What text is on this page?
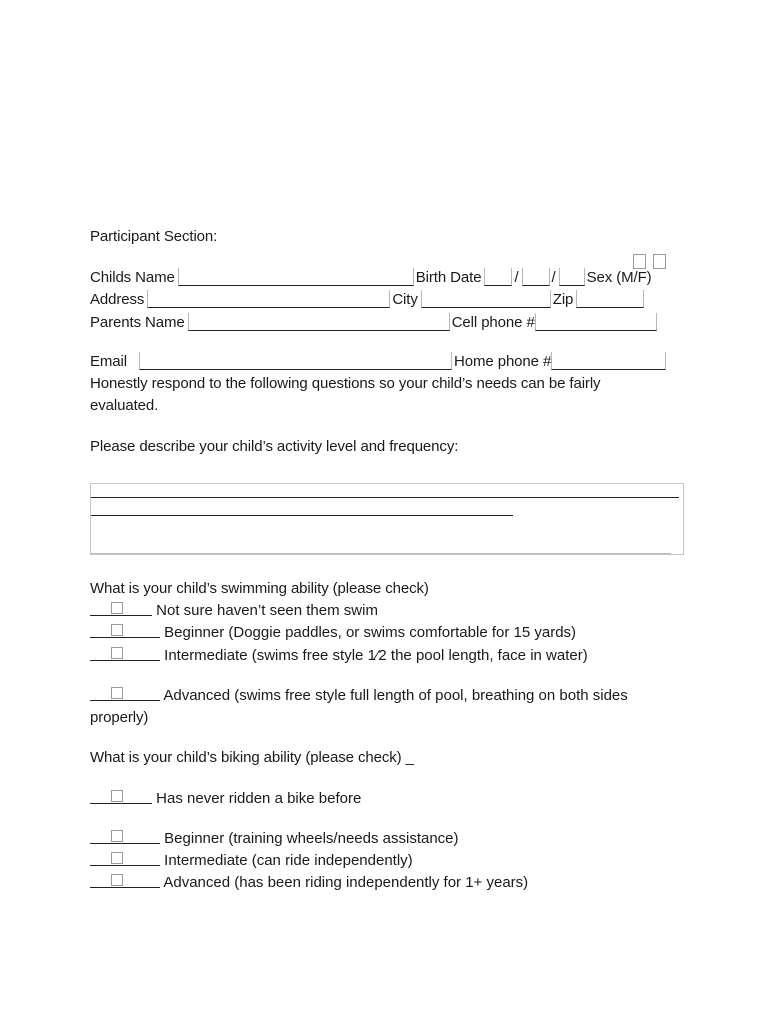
Participant Section:
Childs Name	Birth Date / / Sex (M/F)
Address	City	Zip
Parents Name	Cell phone #
Email	Home phone #
Honestly respond to the following questions so your child’s needs can be fairly
evaluated.
Please describe your child’s activity level and frequency:
What is your child’s swimming ability (please check)
Not sure haven’t seen them swim
Beginner (Doggie paddles, or swims comfortable for 15 yards)
Intermediate (swims free style 1⁄2 the pool length, face in water)
Advanced (swims free style full length of pool, breathing on both sides
properly)
What is your child’s biking ability (please check) _
Has never ridden a bike before
Beginner (training wheels/needs assistance)
Intermediate (can ride independently)
Advanced (has been riding independently for 1+ years)
